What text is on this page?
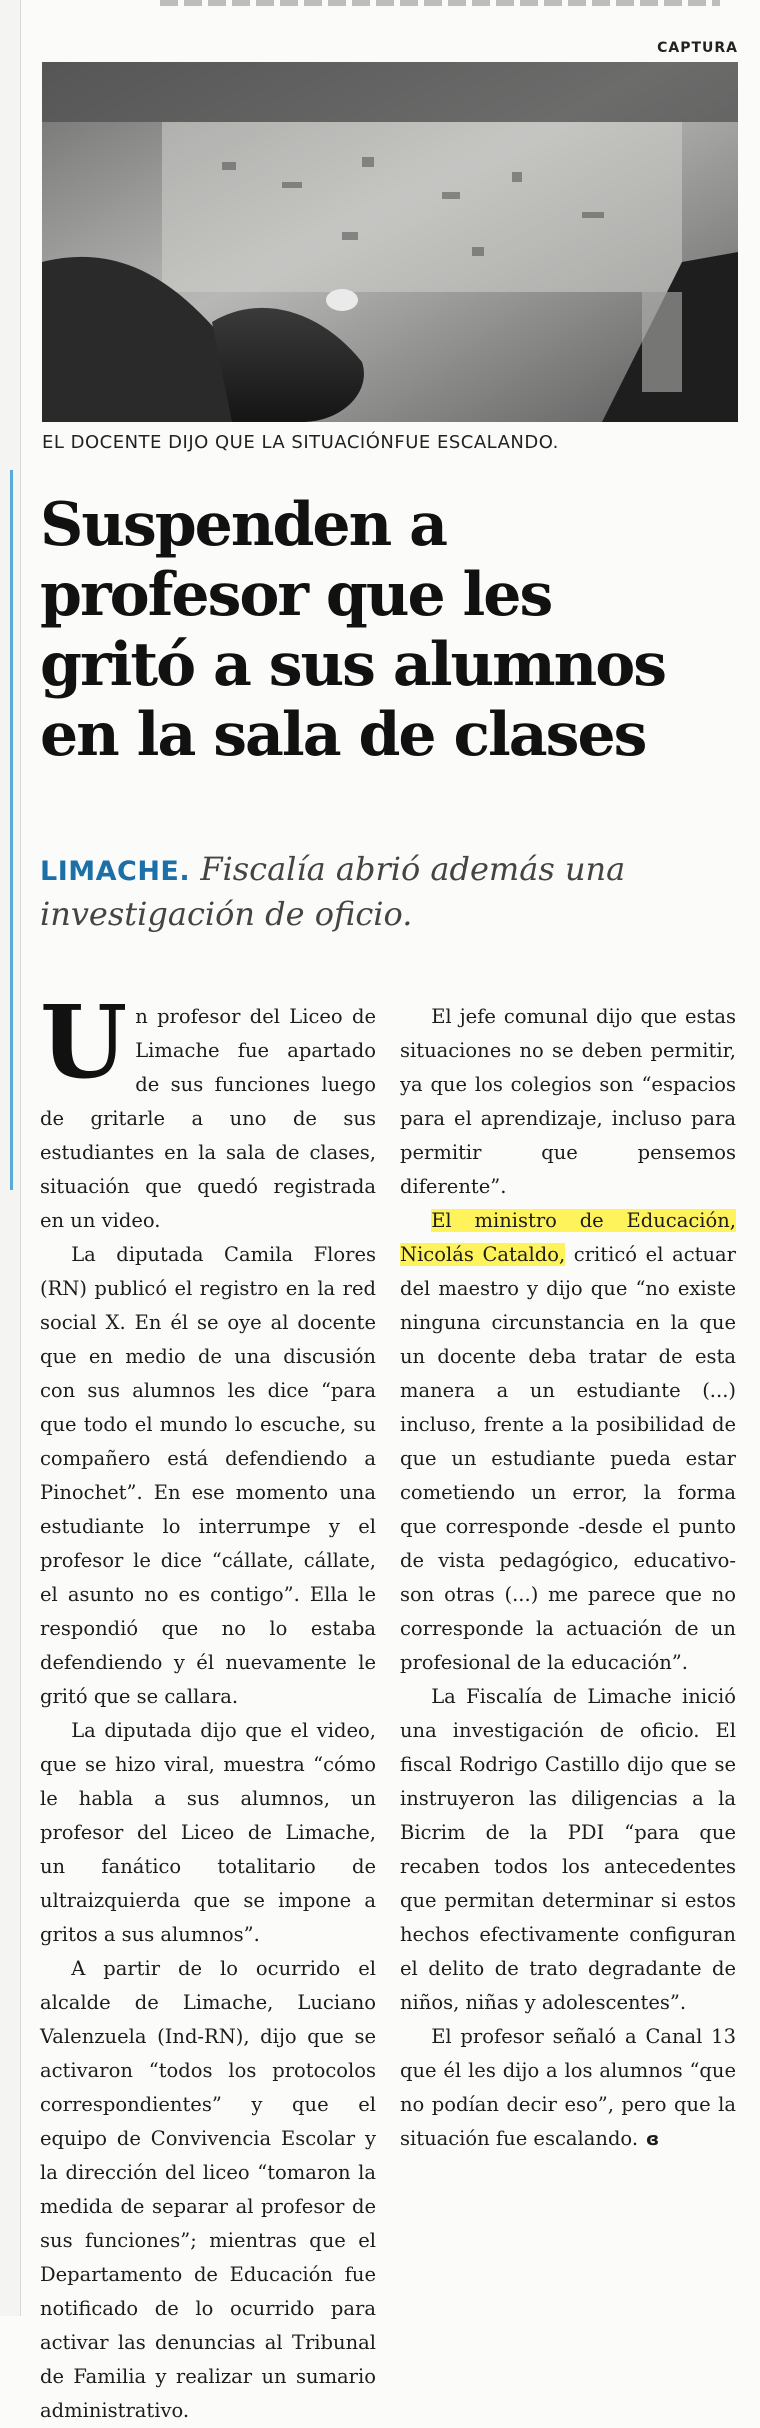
CAPTURA
EL DOCENTE DIJO QUE LA SITUACIÓNFUE ESCALANDO.
Suspenden a
profesor que les
gritó a sus alumnos
en la sala de clases
LIMACHE. Fiscalía abrió además una investigación de oficio.

Un profesor del Liceo de Limache fue apartado de sus funciones luego de gritarle a uno de sus estudiantes en la sala de clases, situación que quedó registrada en un video.

La diputada Camila Flores (RN) publicó el registro en la red social X. En él se oye al docente que en medio de una discusión con sus alumnos les dice “para que todo el mundo lo escuche, su compañero está defendiendo a Pinochet”. En ese momento una estudiante lo interrumpe y el profesor le dice “cállate, cállate, el asunto no es contigo”. Ella le respondió que no lo estaba defendiendo y él nuevamente le gritó que se callara.

La diputada dijo que el video, que se hizo viral, muestra “cómo le habla a sus alumnos, un profesor del Liceo de Limache, un fanático totalitario de ultraizquierda que se impone a gritos a sus alumnos”.

A partir de lo ocurrido el alcalde de Limache, Luciano Valenzuela (Ind-RN), dijo que se activaron “todos los protocolos correspondientes” y que el equipo de Convivencia Escolar y la dirección del liceo “tomaron la medida de separar al profesor de sus funciones”; mientras que el Departamento de Educación fue notificado de lo ocurrido para activar las denuncias al Tribunal de Familia y realizar un sumario administrativo.

El jefe comunal dijo que estas situaciones no se deben permitir, ya que los colegios son “espacios para el aprendizaje, incluso para permitir que pensemos diferente”.

El ministro de Educación, Nicolás Cataldo, criticó el actuar del maestro y dijo que “no existe ninguna circunstancia en la que un docente deba tratar de esta manera a un estudiante (...) incluso, frente a la posibilidad de que un estudiante pueda estar cometiendo un error, la forma que corresponde -desde el punto de vista pedagógico, educativo- son otras (...) me parece que no corresponde la actuación de un profesional de la educación”.

La Fiscalía de Limache inició una investigación de oficio. El fiscal Rodrigo Castillo dijo que se instruyeron las diligencias a la Bicrim de la PDI “para que recaben todos los antecedentes que permitan determinar si estos hechos efectivamente configuran el delito de trato degradante de niños, niñas y adolescentes”.

El profesor señaló a Canal 13 que él les dijo a los alumnos “que no podían decir eso”, pero que la situación fue escalando. ɞ
